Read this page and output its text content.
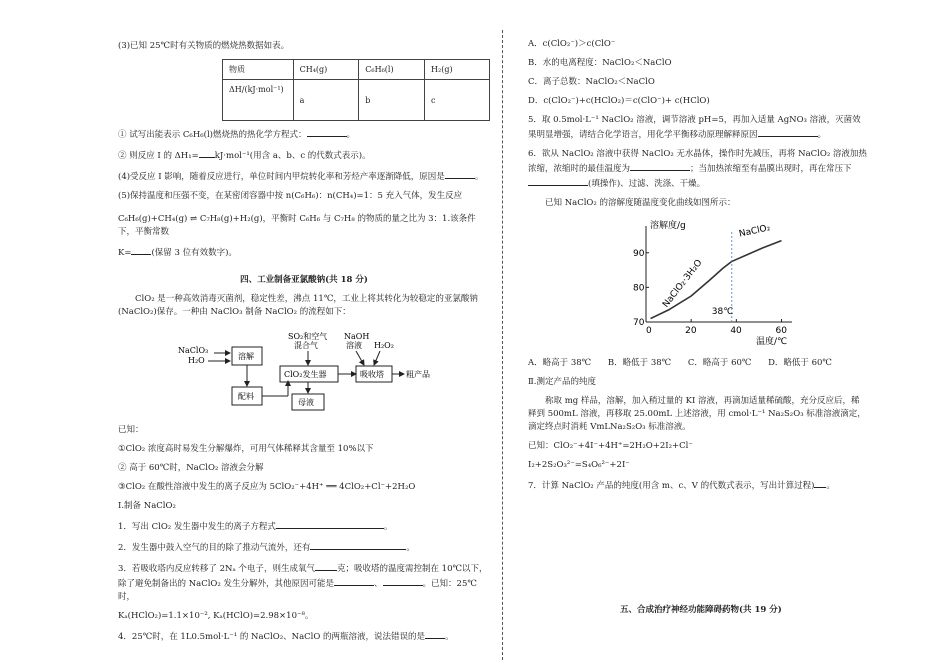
(3)已知 25℃时有关物质的燃烧热数据如表。

物质	CH₄(g)	C₆H₆(l)	H₂(g)
ΔH/(kJ·mol⁻¹)	a	b	c

① 试写出能表示 C₆H₆(l)燃烧热的热化学方程式：	。

② 则反应 Ⅰ 的 ΔH₁= kJ·mol⁻¹(用含 a、b、c 的代数式表示)。

(4)受反应 Ⅰ 影响，随着反应进行，单位时间内甲烷转化率和芳烃产率逐渐降低，原因是	。

(5)保持温度和压强不变，在某密闭容器中按 n(C₆H₆)：n(CH₄)=1：5 充入气体，发生反应

C₆H₆(g)+CH₄(g) ⇌ C₇H₈(g)+H₂(g)，平衡时 C₆H₆ 与 C₇H₈ 的物质的量之比为 3：1.该条件下，平衡常数

K= (保留 3 位有效数字)。

四、工业制备亚氯酸钠(共 18 分)

ClO₂ 是一种高效消毒灭菌剂，稳定性差，沸点 11℃，工业上将其转化为较稳定的亚氯酸钠(NaClO₂)保存。一种由 NaClO₃ 制备 NaClO₂ 的流程如下：

NaClO₃
H₂O	溶解
配料
SO₂和空气
混合气
ClO₂发生器
母液
NaOH
溶液 H₂O₂
吸收塔	粗产品

已知：

①ClO₂ 浓度高时易发生分解爆炸，可用气体稀释其含量至 10%以下

② 高于 60℃时，NaClO₂ 溶液会分解

③ClO₂ 在酸性溶液中发生的离子反应为 5ClO₂⁻+4H⁺ ══ 4ClO₂+Cl⁻+2H₂O

Ⅰ.制备 NaClO₂

1．写出 ClO₂ 发生器中发生的离子方程式	。

2．发生器中鼓入空气的目的除了推动气流外，还有	。

3．若吸收塔内反应转移了 2Nₐ 个电子，则生成氧气	克；吸收塔的温度需控制在 10℃以下，除了避免制备出的 NaClO₂ 发生分解外，其他原因可能是	、	。已知：25℃时，

Kₐ(HClO₂)=1.1×10⁻², Kₐ(HClO)=2.98×10⁻⁸。

4．25℃时，在 1L0.5mol·L⁻¹ 的 NaClO₂、NaClO 的两瓶溶液，说法错误的是 。

A．c(ClO₂⁻)＞c(ClO⁻

B．水的电离程度：NaClO₂＜NaClO

C．离子总数：NaClO₂＜NaClO

D．c(ClO₂⁻)+c(HClO₂)＝c(ClO⁻)+ c(HClO)

5．取 0.5mol·L⁻¹ NaClO₂ 溶液，调节溶液 pH=5，再加入适量 AgNO₃ 溶液，灭菌效果明显增强，请结合化学语言，用化学平衡移动原理解释原因	。

6．欲从 NaClO₂ 溶液中获得 NaClO₂ 无水晶体，操作时先减压，再将 NaClO₂ 溶液加热浓缩，浓缩时的最佳温度为	；当加热浓缩至有晶膜出现时，再在常压下(填操作)、过滤、洗涤、干燥。

已知 NaClO₂ 的溶解度随温度变化曲线如图所示：

溶解度/g
温度/℃
0	20	40	60
70
80
90
NaClO₂·3H₂O
NaClO₂
38℃

A．略高于 38℃ B．略低于 38℃ C．略高于 60℃ D．略低于 60℃

Ⅱ.测定产品的纯度

称取 mg 样品，溶解，加入稍过量的 KI 溶液，再滴加适量稀硫酸，充分反应后，稀释到 500mL 溶液，再移取 25.00mL 上述溶液，用 cmol·L⁻¹ Na₂S₂O₃ 标准溶液滴定，滴定终点时消耗 VmLNa₂S₂O₃ 标准溶液。

已知：ClO₂⁻+4I⁻+4H⁺=2H₂O+2I₂+Cl⁻

I₂+2S₂O₃²⁻=S₄O₆²⁻+2I⁻

7．计算 NaClO₂ 产品的纯度(用含 m、c、V 的代数式表示，写出计算过程) 。

五、合成治疗神经功能障碍药物(共 19 分)
